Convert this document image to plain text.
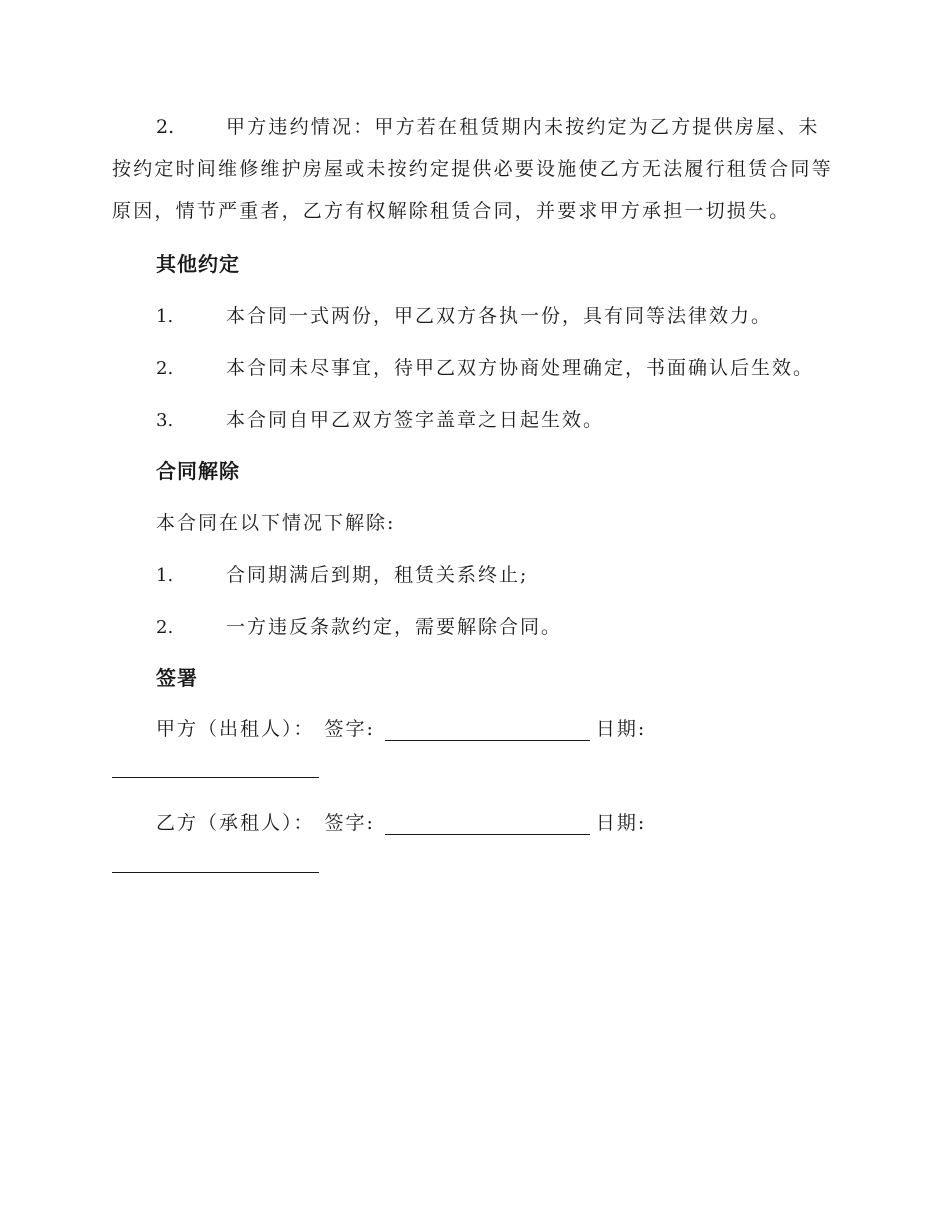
2.	甲方违约情况：甲方若在租赁期内未按约定为乙方提供房屋、未按约定时间维修维护房屋或未按约定提供必要设施使乙方无法履行租赁合同等原因，情节严重者，乙方有权解除租赁合同，并要求甲方承担一切损失。

其他约定
1.	本合同一式两份，甲乙双方各执一份，具有同等法律效力。
2.	本合同未尽事宜，待甲乙双方协商处理确定，书面确认后生效。
3.	本合同自甲乙双方签字盖章之日起生效。
合同解除
本合同在以下情况下解除:
1.	合同期满后到期，租赁关系终止;
2.	一方违反条款约定，需要解除合同。
签署
甲方（出租人）： 签字:	日期:
乙方（承租人）： 签字:	日期:
